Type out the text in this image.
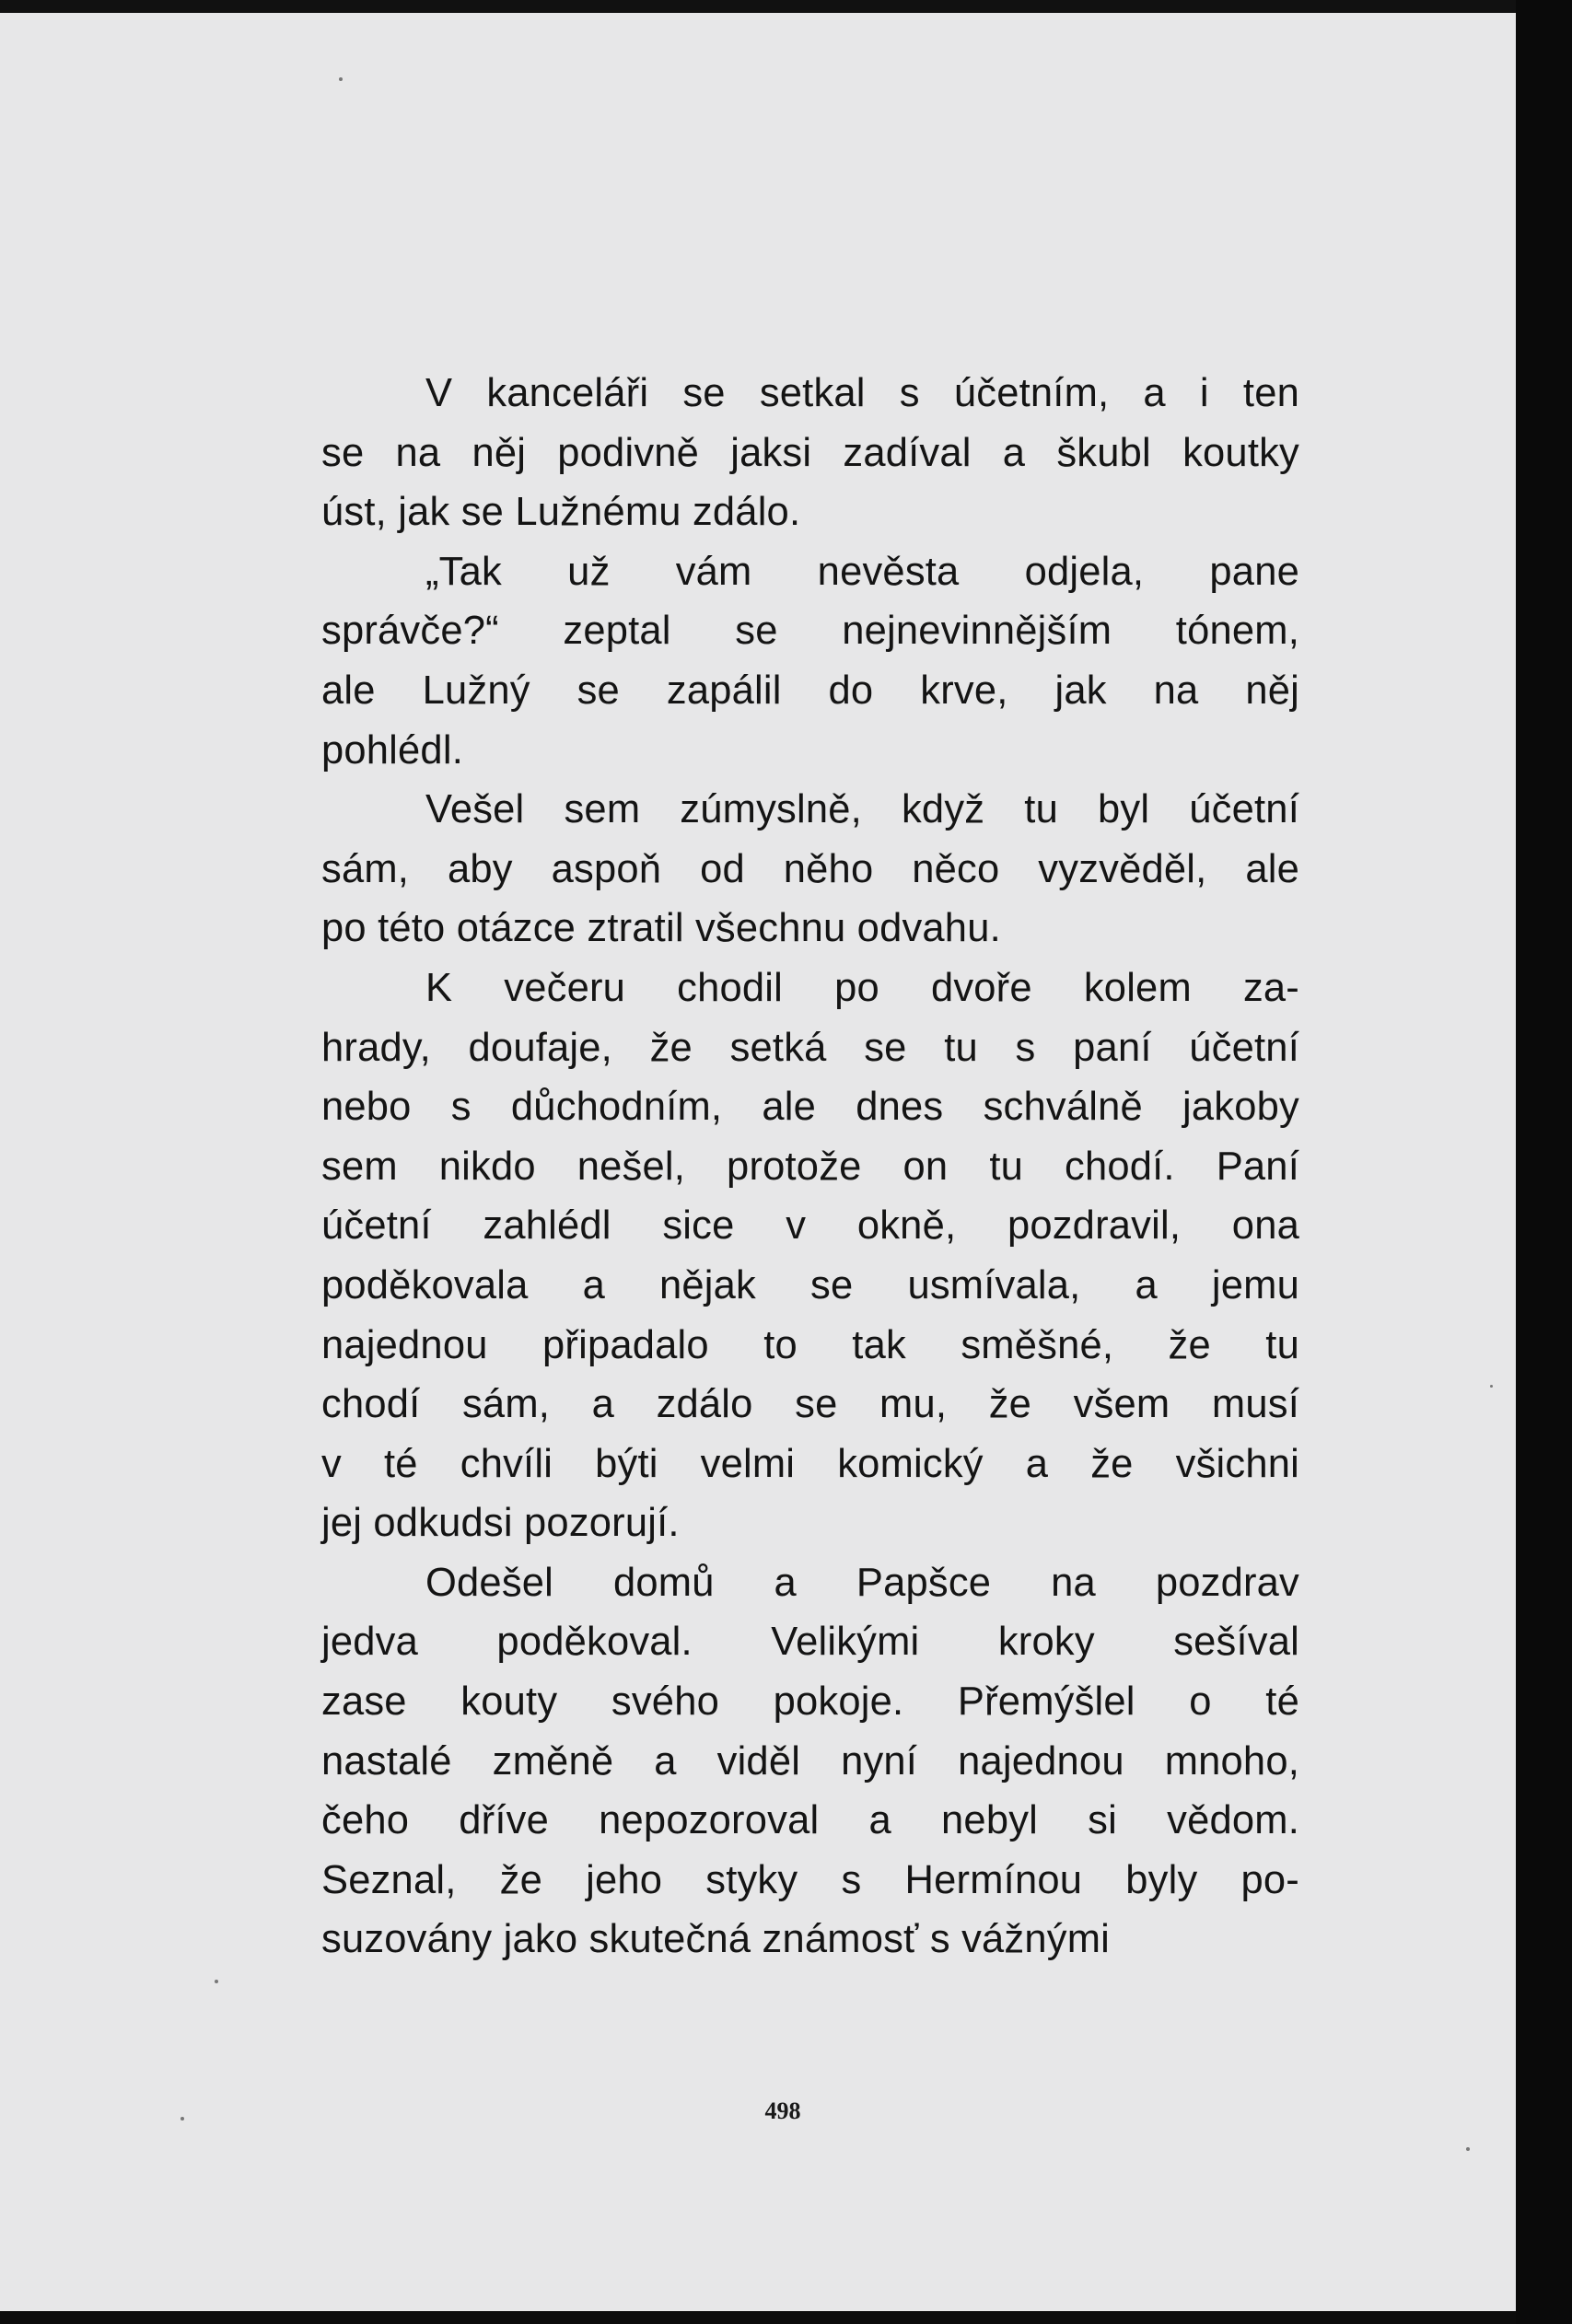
V kanceláři se setkal s účetním, a i ten
se na něj podivně jaksi zadíval a škubl koutky
úst, jak se Lužnému zdálo.

„Tak už vám nevěsta odjela, pane
správče?“ zeptal se nejnevinnějším tónem,
ale Lužný se zapálil do krve, jak na něj
pohlédl.

Vešel sem zúmyslně, když tu byl účetní
sám, aby aspoň od něho něco vyzvěděl, ale
po této otázce ztratil všechnu odvahu.

K večeru chodil po dvoře kolem za-
hrady, doufaje, že setká se tu s paní účetní
nebo s důchodním, ale dnes schválně jakoby
sem nikdo nešel, protože on tu chodí. Paní
účetní zahlédl sice v okně, pozdravil, ona
poděkovala a nějak se usmívala, a jemu
najednou připadalo to tak směšné, že tu
chodí sám, a zdálo se mu, že všem musí
v té chvíli býti velmi komický a že všichni
jej odkudsi pozorují.

Odešel domů a Papšce na pozdrav
jedva poděkoval. Velikými kroky sešíval
zase kouty svého pokoje. Přemýšlel o té
nastalé změně a viděl nyní najednou mnoho,
čeho dříve nepozoroval a nebyl si vědom.
Seznal, že jeho styky s Hermínou byly po-
suzovány jako skutečná známosť s vážnými

498
